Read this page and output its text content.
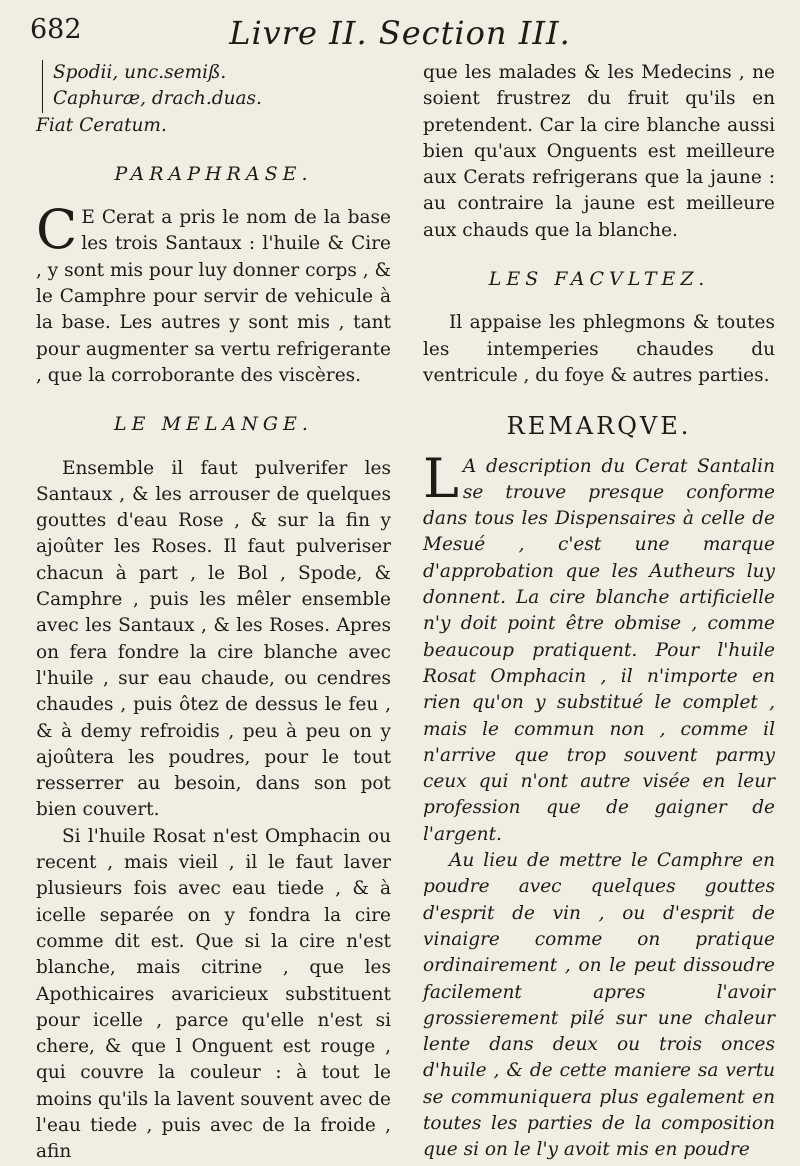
682	Livre II. Section III.

Spodii, unc.semiß.

Caphuræ, drach.duas.

Fiat Ceratum.

PARAPHRASE.

C E Cerat a pris le nom de la base les trois Santaux : l'huile & Cire , y sont mis pour luy donner corps , & le Camphre pour servir de vehicule à la base. Les autres y sont mis , tant pour augmenter sa vertu refrigerante , que la corroborante des viscères.

LE MELANGE.

Ensemble il faut pulverifer les Santaux , & les arrouser de quelques gouttes d'eau Rose , & sur la fin y ajoûter les Roses. Il faut pulveriser chacun à part , le Bol , Spode, & Camphre , puis les mêler ensemble avec les Santaux , & les Roses. Apres on fera fondre la cire blanche avec l'huile , sur eau chaude, ou cendres chaudes , puis ôtez de dessus le feu , & à demy refroidis , peu à peu on y ajoûtera les poudres, pour le tout resserrer au besoin, dans son pot bien couvert.

Si l'huile Rosat n'est Omphacin ou recent , mais vieil , il le faut laver plusieurs fois avec eau tiede , & à icelle separée on y fondra la cire comme dit est. Que si la cire n'est blanche, mais citrine , que les Apothicaires avaricieux substituent pour icelle , parce qu'elle n'est si chere, & que l Onguent est rouge , qui couvre la couleur : à tout le moins qu'ils la lavent souvent avec de l'eau tiede , puis avec de la froide , afin

que les malades & les Medecins , ne soient frustrez du fruit qu'ils en pretendent. Car la cire blanche aussi bien qu'aux Onguents est meilleure aux Cerats refrigerans que la jaune : au contraire la jaune est meilleure aux chauds que la blanche.

LES FACVLTEZ.

Il appaise les phlegmons & toutes les intemperies chaudes du ventricule , du foye & autres parties.

REMARQVE.

L A description du Cerat Santalin se trouve presque conforme dans tous les Dispensaires à celle de Mesué , c'est une marque d'approbation que les Autheurs luy donnent. La cire blanche artificielle n'y doit point être obmise , comme beaucoup pratiquent. Pour l'huile Rosat Omphacin , il n'importe en rien qu'on y substitué le complet , mais le commun non , comme il n'arrive que trop souvent parmy ceux qui n'ont autre visée en leur profession que de gaigner de l'argent.

Au lieu de mettre le Camphre en poudre avec quelques gouttes d'esprit de vin , ou d'esprit de vinaigre comme on pratique ordinairement , on le peut dissoudre facilement apres l'avoir grossierement pilé sur une chaleur lente dans deux ou trois onces d'huile , & de cette maniere sa vertu se communiquera plus egalement en toutes les parties de la composition que si on le l'y avoit mis en poudre
